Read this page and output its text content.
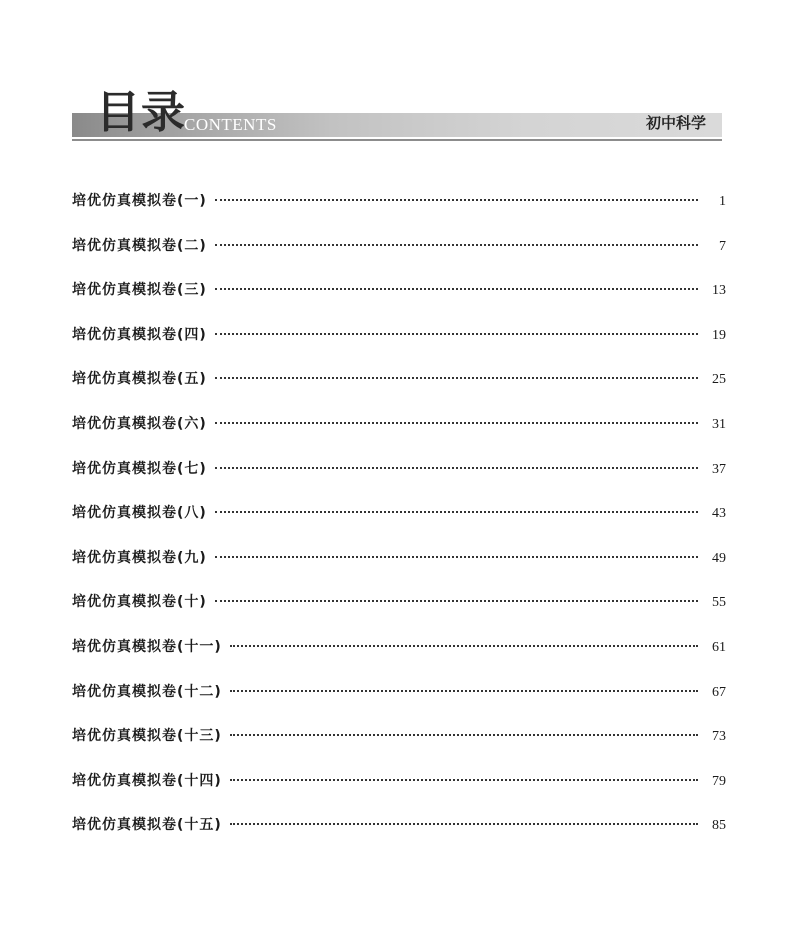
目录
CONTENTS	初中科学
培优仿真模拟卷(一)	1
培优仿真模拟卷(二)	7
培优仿真模拟卷(三)	13
培优仿真模拟卷(四)	19
培优仿真模拟卷(五)	25
培优仿真模拟卷(六)	31
培优仿真模拟卷(七)	37
培优仿真模拟卷(八)	43
培优仿真模拟卷(九)	49
培优仿真模拟卷(十)	55
培优仿真模拟卷(十一)	61
培优仿真模拟卷(十二)	67
培优仿真模拟卷(十三)	73
培优仿真模拟卷(十四)	79
培优仿真模拟卷(十五)	85
